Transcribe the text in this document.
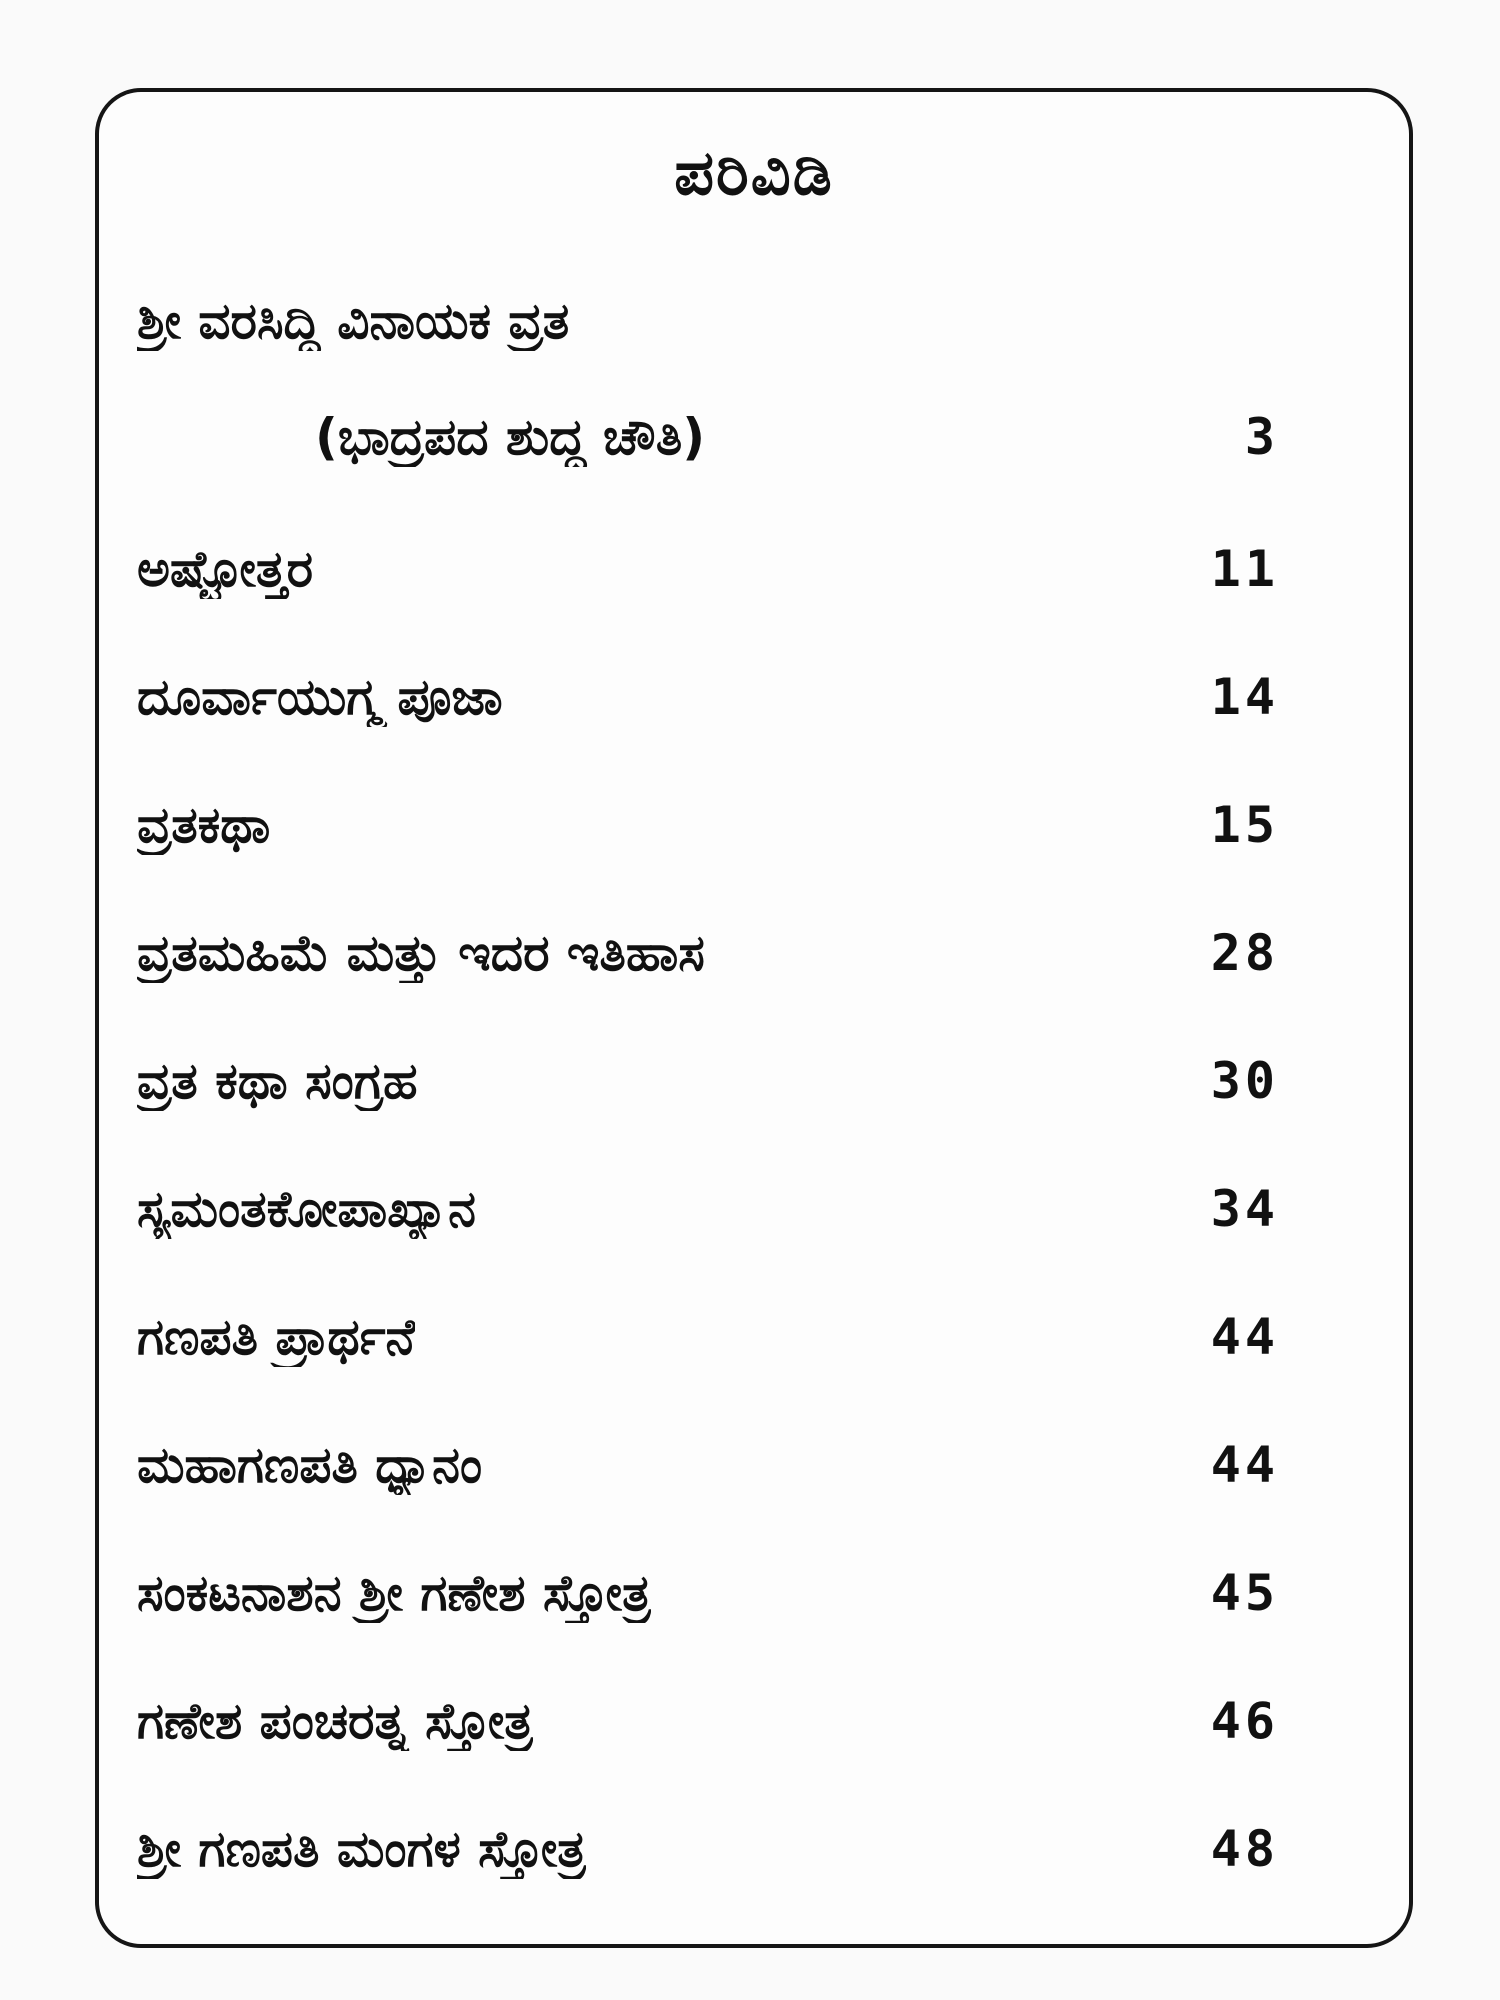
ಪರಿವಿಡಿ
ಶ್ರೀ ವರಸಿದ್ಧಿ ವಿನಾಯಕ ವ್ರತ
(ಭಾದ್ರಪದ ಶುದ್ಧ ಚೌತಿ)	3
ಅಷ್ಟೋತ್ತರ	11
ದೂರ್ವಾಯುಗ್ಮ ಪೂಜಾ	14
ವ್ರತಕಥಾ	15
ವ್ರತಮಹಿಮೆ ಮತ್ತು ಇದರ ಇತಿಹಾಸ	28
ವ್ರತ ಕಥಾ ಸಂಗ್ರಹ	30
ಸ್ಯಮಂತಕೋಪಾಖ್ಯಾನ	34
ಗಣಪತಿ ಪ್ರಾರ್ಥನೆ	44
ಮಹಾಗಣಪತಿ ಧ್ಯಾನಂ	44
ಸಂಕಟನಾಶನ ಶ್ರೀ ಗಣೇಶ ಸ್ತೋತ್ರ	45
ಗಣೇಶ ಪಂಚರತ್ನ ಸ್ತೋತ್ರ	46
ಶ್ರೀ ಗಣಪತಿ ಮಂಗಳ ಸ್ತೋತ್ರ	48
